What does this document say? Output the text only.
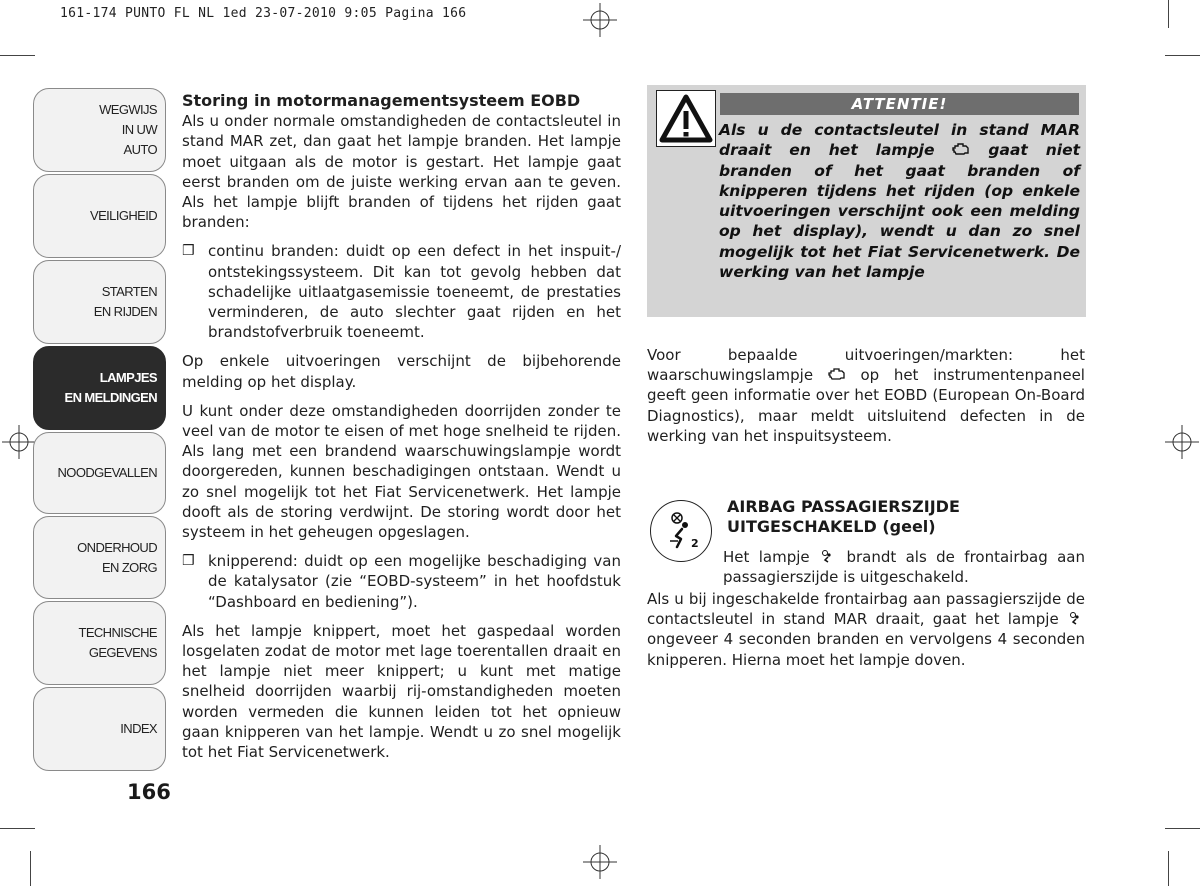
161-174 PUNTO FL NL 1ed 23-07-2010 9:05 Pagina 166
WEGWIJS
IN UW
AUTO
VEILIGHEID
STARTEN
EN RIJDEN
LAMPJES
EN MELDINGEN
NOODGEVALLEN
ONDERHOUD
EN ZORG
TECHNISCHE
GEGEVENS
INDEX
166

Storing in motormanagementsysteem EOBD

Als u onder normale omstandigheden de contactsleutel in stand MAR zet, dan gaat het lampje branden. Het lampje moet uitgaan als de motor is gestart. Het lampje gaat eerst branden om de juiste werking ervan aan te geven. Als het lampje blijft branden of tijdens het rijden gaat branden:

❒ continu branden: duidt op een defect in het inspuit-/ ontstekingssysteem. Dit kan tot gevolg hebben dat schadelijke uitlaatgasemissie toeneemt, de prestaties verminderen, de auto slechter gaat rijden en het brandstofverbruik toeneemt.

Op enkele uitvoeringen verschijnt de bijbehorende melding op het display.

U kunt onder deze omstandigheden doorrijden zonder te veel van de motor te eisen of met hoge snelheid te rijden. Als lang met een brandend waarschuwingslampje wordt doorgereden, kunnen beschadigingen ontstaan. Wendt u zo snel mogelijk tot het Fiat Servicenetwerk. Het lampje dooft als de storing verdwijnt. De storing wordt door het systeem in het geheugen opgeslagen.

❒ knipperend: duidt op een mogelijke beschadiging van de katalysator (zie “EOBD-systeem” in het hoofdstuk “Dashboard en bediening”).

Als het lampje knippert, moet het gaspedaal worden losgelaten zodat de motor met lage toerentallen draait en het lampje niet meer knippert; u kunt met matige snelheid doorrijden waarbij rij-omstandigheden moeten worden vermeden die kunnen leiden tot het opnieuw gaan knipperen van het lampje. Wendt u zo snel mogelijk tot het Fiat Servicenetwerk.

ATTENTIE!
Als u de contactsleutel in stand MAR draait en het lampje	gaat niet branden of het gaat branden of knipperen tijdens het rijden (op enkele uitvoeringen verschijnt ook een melding op het display), wendt u dan zo snel mogelijk tot het Fiat Servicenetwerk. De werking van het lampje

Voor bepaalde uitvoeringen/markten: het waarschuwingslampje	op het instrumentenpaneel geeft geen informatie over het EOBD (European On-Board Diagnostics), maar meldt uitsluitend defecten in de werking van het inspuitsysteem.

2
AIRBAG PASSAGIERSZIJDE
UITGESCHAKELD (geel)

Het lampje brandt als de frontairbag aan passagierszijde is uitgeschakeld.

Als u bij ingeschakelde frontairbag aan passagierszijde de contactsleutel in stand MAR draait, gaat het lampje  ongeveer 4 seconden branden en vervolgens 4 seconden knipperen. Hierna moet het lampje doven.
